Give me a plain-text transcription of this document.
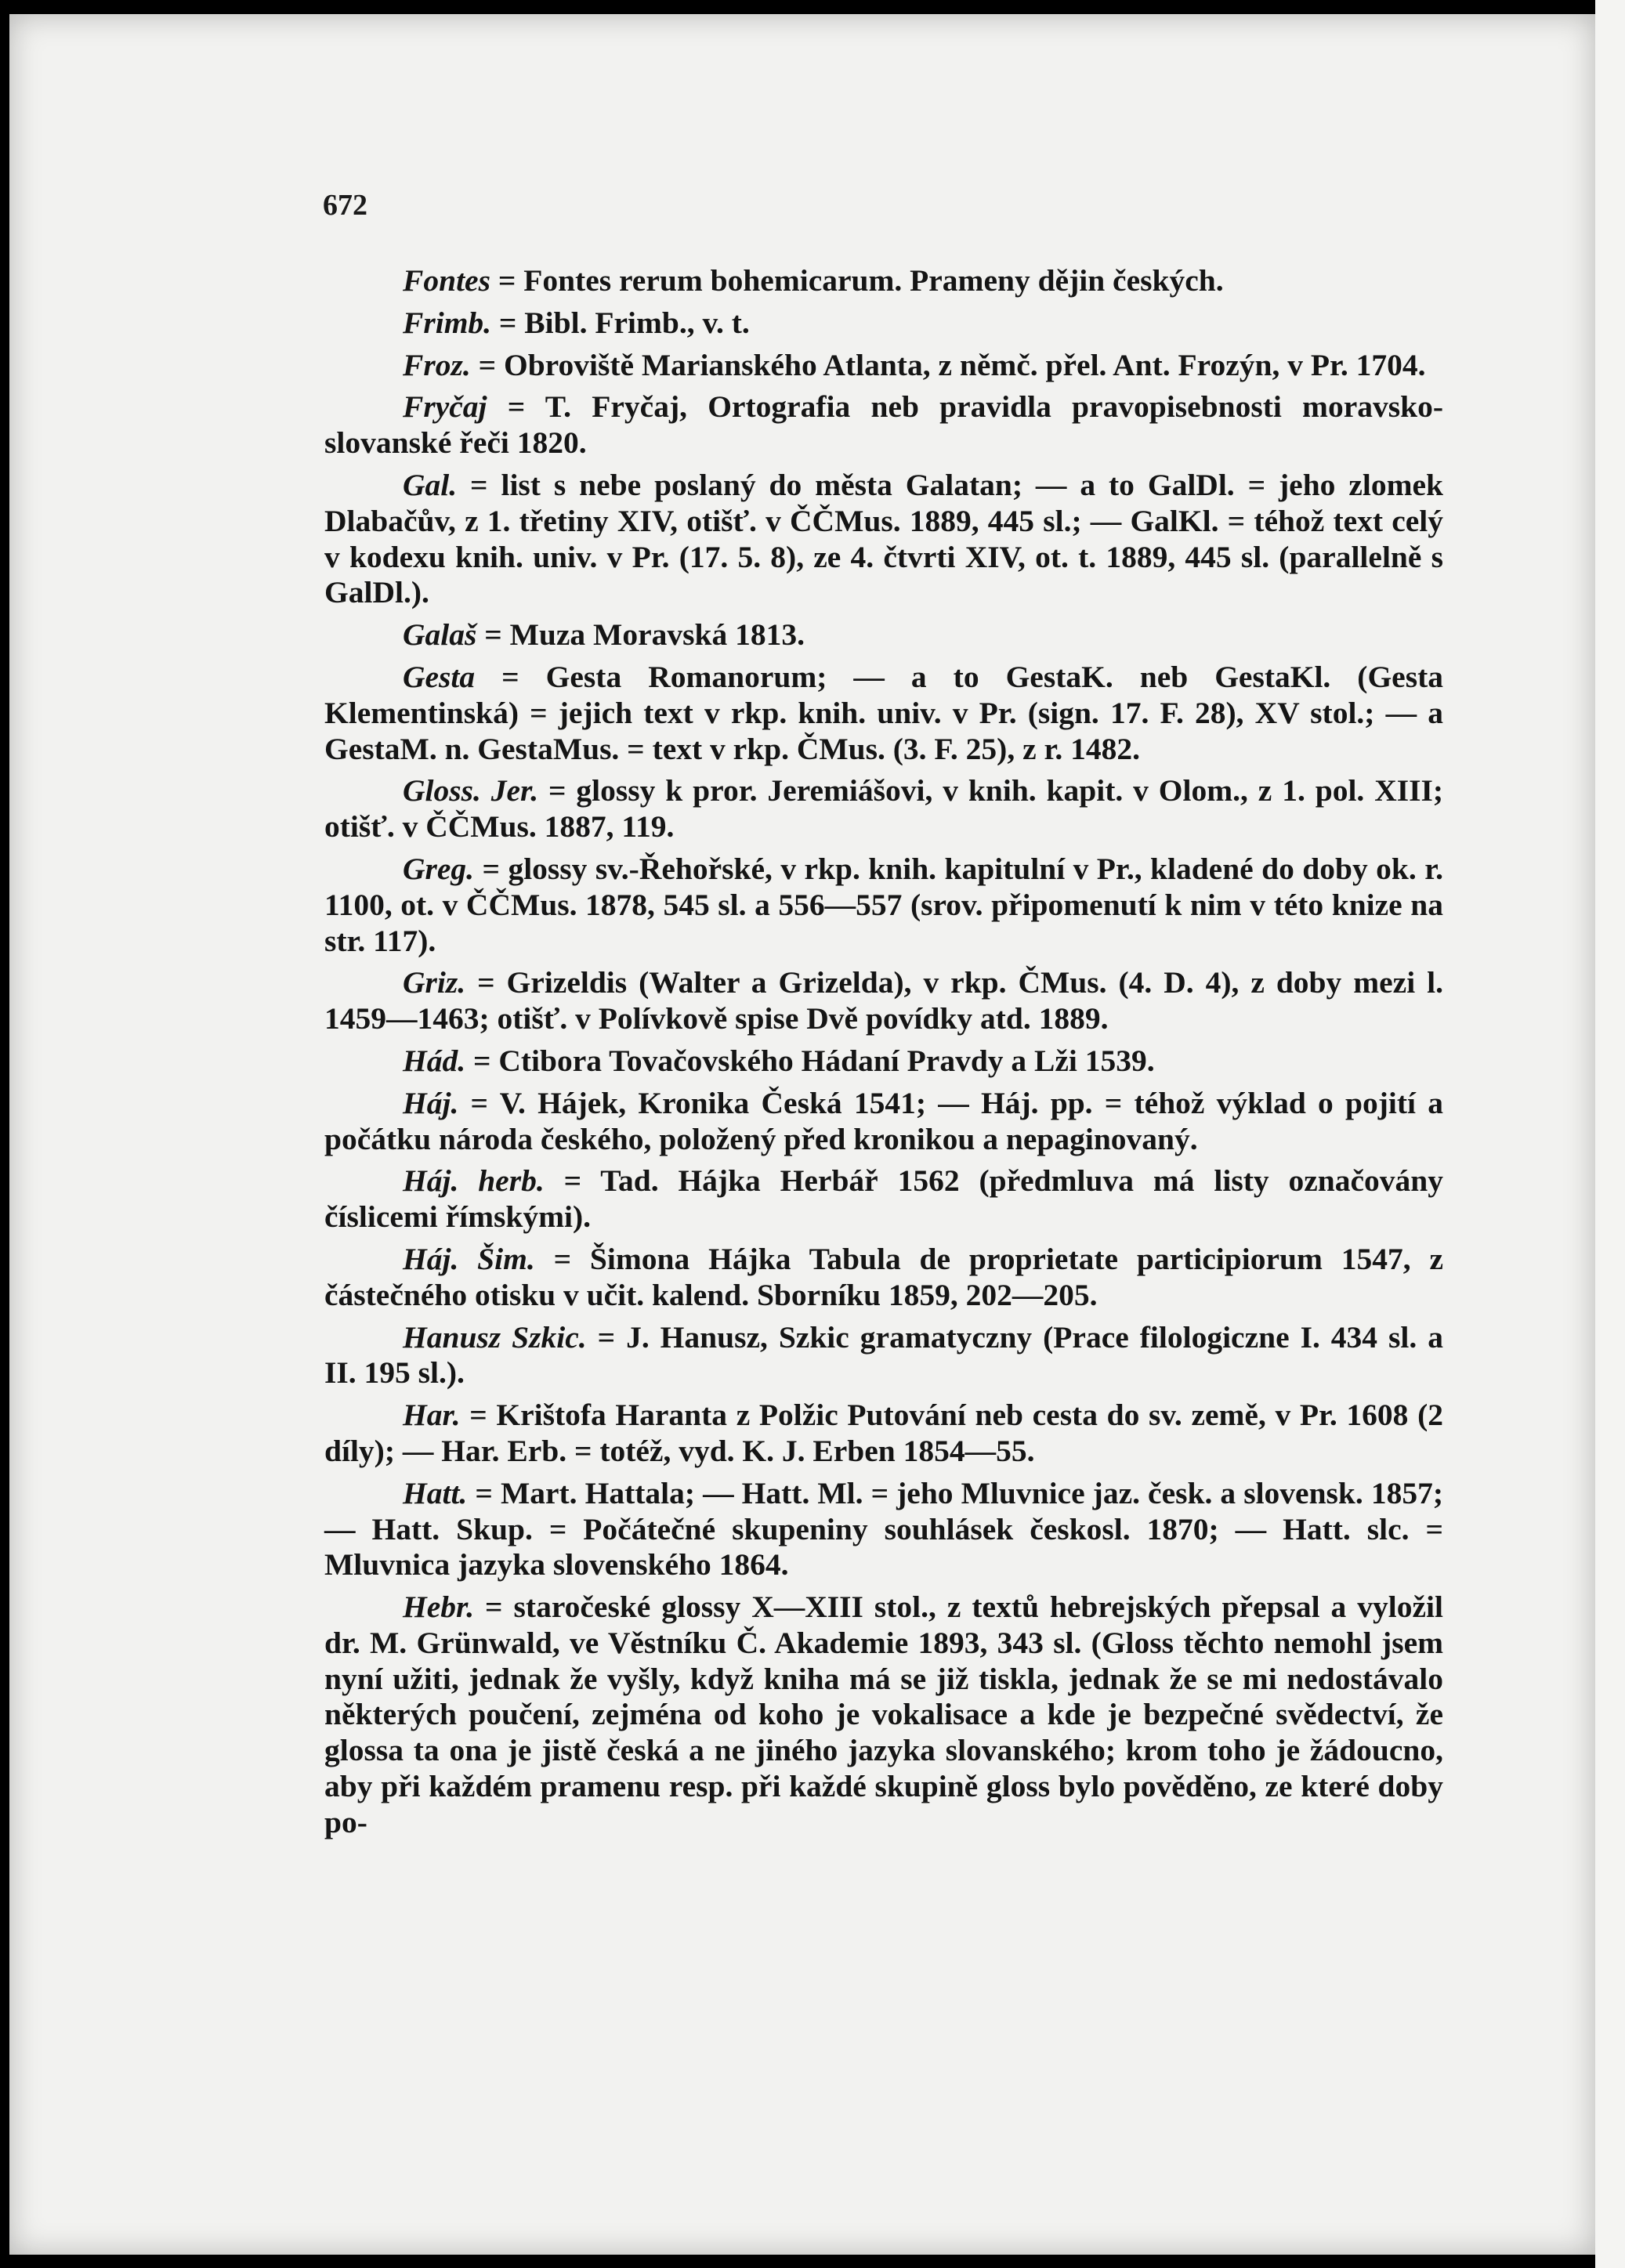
672

Fontes = Fontes rerum bohemicarum. Prameny dějin českých.

Frimb. = Bibl. Frimb., v. t.

Froz. = Obroviště Marianského Atlanta, z němč. přel. Ant. Frozýn, v Pr. 1704.

Fryčaj = T. Fryčaj, Ortografia neb pravidla pravopisebnosti moravsko-slovanské řeči 1820.

Gal. = list s nebe poslaný do města Galatan; — a to GalDl. = jeho zlomek Dlabačův, z 1. třetiny XIV, otišť. v ČČMus. 1889, 445 sl.; — GalKl. = téhož text celý v kodexu knih. univ. v Pr. (17. 5. 8), ze 4. čtvrti XIV, ot. t. 1889, 445 sl. (parallelně s GalDl.).

Galaš = Muza Moravská 1813.

Gesta = Gesta Romanorum; — a to GestaK. neb GestaKl. (Gesta Klementinská) = jejich text v rkp. knih. univ. v Pr. (sign. 17. F. 28), XV stol.; — a GestaM. n. GestaMus. = text v rkp. ČMus. (3. F. 25), z r. 1482.

Gloss. Jer. = glossy k pror. Jeremiášovi, v knih. kapit. v Olom., z 1. pol. XIII; otišť. v ČČMus. 1887, 119.

Greg. = glossy sv.-Řehořské, v rkp. knih. kapitulní v Pr., kladené do doby ok. r. 1100, ot. v ČČMus. 1878, 545 sl. a 556—557 (srov. připomenutí k nim v této knize na str. 117).

Griz. = Grizeldis (Walter a Grizelda), v rkp. ČMus. (4. D. 4), z doby mezi l. 1459—1463; otišť. v Polívkově spise Dvě povídky atd. 1889.

Hád. = Ctibora Tovačovského Hádaní Pravdy a Lži 1539.

Háj. = V. Hájek, Kronika Česká 1541; — Háj. pp. = téhož výklad o pojití a počátku národa českého, položený před kronikou a nepaginovaný.

Háj. herb. = Tad. Hájka Herbář 1562 (předmluva má listy označovány číslicemi římskými).

Háj. Šim. = Šimona Hájka Tabula de proprietate participiorum 1547, z částečného otisku v učit. kalend. Sborníku 1859, 202—205.

Hanusz Szkic. = J. Hanusz, Szkic gramatyczny (Prace filologiczne I. 434 sl. a II. 195 sl.).

Har. = Krištofa Haranta z Polžic Putování neb cesta do sv. země, v Pr. 1608 (2 díly); — Har. Erb. = totéž, vyd. K. J. Erben 1854—55.

Hatt. = Mart. Hattala; — Hatt. Ml. = jeho Mluvnice jaz. česk. a slovensk. 1857; — Hatt. Skup. = Počátečné skupeniny souhlásek českosl. 1870; — Hatt. slc. = Mluvnica jazyka slovenského 1864.

Hebr. = staročeské glossy X—XIII stol., z textů hebrejských přepsal a vyložil dr. M. Grünwald, ve Věstníku Č. Akademie 1893, 343 sl. (Gloss těchto nemohl jsem nyní užiti, jednak že vyšly, když kniha má se již tiskla, jednak že se mi nedostávalo některých poučení, zejména od koho je vokalisace a kde je bezpečné svědectví, že glossa ta ona je jistě česká a ne jiného jazyka slovanského; krom toho je žádoucno, aby při každém pramenu resp. při každé skupině gloss bylo pověděno, ze které doby po-
